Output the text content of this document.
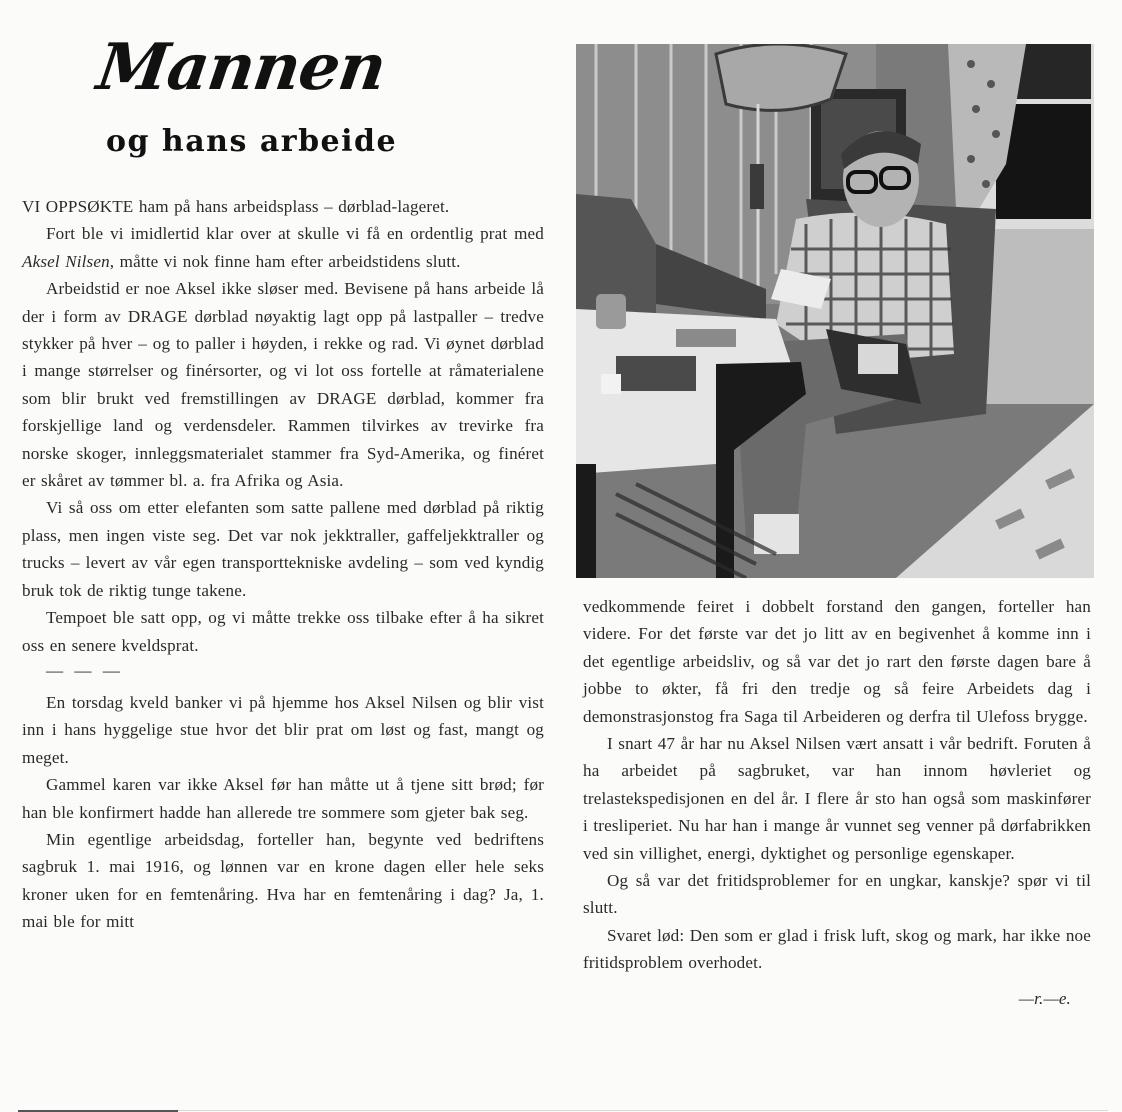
Mannen
og hans arbeide

VI OPPSØKTE ham på hans arbeidsplass – dørblad-lageret.

Fort ble vi imidlertid klar over at skulle vi få en ordentlig prat med Aksel Nilsen, måtte vi nok finne ham efter arbeidstidens slutt.

Arbeidstid er noe Aksel ikke sløser med. Bevisene på hans arbeide lå der i form av DRAGE dørblad nøyaktig lagt opp på lastpaller – tredve stykker på hver – og to paller i høyden, i rekke og rad. Vi øynet dørblad i mange størrelser og finérsorter, og vi lot oss fortelle at råmaterialene som blir brukt ved fremstillingen av DRAGE dørblad, kommer fra forskjellige land og verdensdeler. Rammen tilvirkes av trevirke fra norske skoger, innleggsmaterialet stammer fra Syd-Amerika, og finéret er skåret av tømmer bl. a. fra Afrika og Asia.

Vi så oss om etter elefanten som satte pallene med dørblad på riktig plass, men ingen viste seg. Det var nok jekktraller, gaffeljekktraller og trucks – levert av vår egen transporttekniske avdeling – som ved kyndig bruk tok de riktig tunge takene.

Tempoet ble satt opp, og vi måtte trekke oss tilbake efter å ha sikret oss en senere kveldsprat.

— — —

En torsdag kveld banker vi på hjemme hos Aksel Nilsen og blir vist inn i hans hyggelige stue hvor det blir prat om løst og fast, mangt og meget.

Gammel karen var ikke Aksel før han måtte ut å tjene sitt brød; før han ble konfirmert hadde han allerede tre sommere som gjeter bak seg.

Min egentlige arbeidsdag, forteller han, begynte ved bedriftens sagbruk 1. mai 1916, og lønnen var en krone dagen eller hele seks kroner uken for en femtenåring. Hva har en femtenåring i dag? Ja, 1. mai ble for mitt

vedkommende feiret i dobbelt forstand den gangen, forteller han videre. For det første var det jo litt av en begivenhet å komme inn i det egentlige arbeidsliv, og så var det jo rart den første dagen bare å jobbe to økter, få fri den tredje og så feire Arbeidets dag i demonstrasjonstog fra Saga til Arbeideren og derfra til Ulefoss brygge.

I snart 47 år har nu Aksel Nilsen vært ansatt i vår bedrift. Foruten å ha arbeidet på sagbruket, var han innom høvleriet og trelastekspedisjonen en del år. I flere år sto han også som maskinfører i tresliperiet. Nu har han i mange år vunnet seg venner på dørfabrikken ved sin villighet, energi, dyktighet og personlige egenskaper.

Og så var det fritidsproblemer for en ungkar, kanskje? spør vi til slutt.

Svaret lød: Den som er glad i frisk luft, skog og mark, har ikke noe fritidsproblem overhodet.

—r.—e.
